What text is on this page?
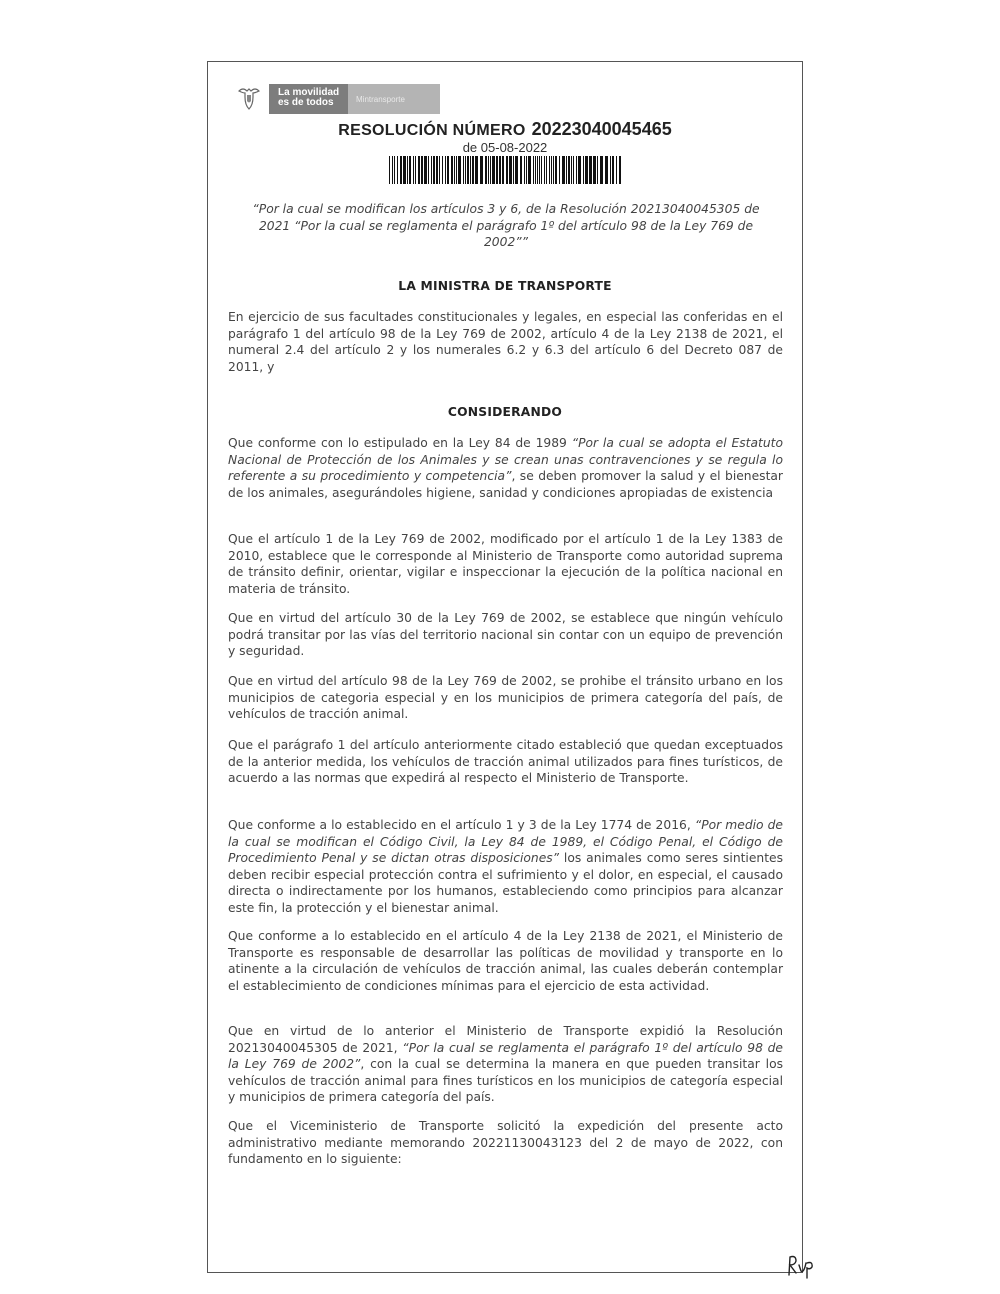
La movilidad
es de todos	Mintransporte
RESOLUCIÓN NÚMERO 20223040045465
de 05-08-2022
“Por la cual se modifican los artículos 3 y 6, de la Resolución 20213040045305 de 2021 “Por la cual se reglamenta el parágrafo 1º del artículo 98 de la Ley 769 de 2002””
LA MINISTRA DE TRANSPORTE

En ejercicio de sus facultades constitucionales y legales, en especial las conferidas en el parágrafo 1 del artículo 98 de la Ley 769 de 2002, artículo 4 de la Ley 2138 de 2021, el numeral 2.4 del artículo 2 y los numerales 6.2 y 6.3 del artículo 6 del Decreto 087 de 2011, y

CONSIDERANDO

Que conforme con lo estipulado en la Ley 84 de 1989 “Por la cual se adopta el Estatuto Nacional de Protección de los Animales y se crean unas contravenciones y se regula lo referente a su procedimiento y competencia”, se deben promover la salud y el bienestar de los animales, asegurándoles higiene, sanidad y condiciones apropiadas de existencia

Que el artículo 1 de la Ley 769 de 2002, modificado por el artículo 1 de la Ley 1383 de 2010, establece que le corresponde al Ministerio de Transporte como autoridad suprema de tránsito definir, orientar, vigilar e inspeccionar la ejecución de la política nacional en materia de tránsito.

Que en virtud del artículo 30 de la Ley 769 de 2002, se establece que ningún vehículo podrá transitar por las vías del territorio nacional sin contar con un equipo de prevención y seguridad.

Que en virtud del artículo 98 de la Ley 769 de 2002, se prohibe el tránsito urbano en los municipios de categoria especial y en los municipios de primera categoría del país, de vehículos de tracción animal.

Que el parágrafo 1 del artículo anteriormente citado estableció que quedan exceptuados de la anterior medida, los vehículos de tracción animal utilizados para fines turísticos, de acuerdo a las normas que expedirá al respecto el Ministerio de Transporte.

Que conforme a lo establecido en el artículo 1 y 3 de la Ley 1774 de 2016, “Por medio de la cual se modifican el Código Civil, la Ley 84 de 1989, el Código Penal, el Código de Procedimiento Penal y se dictan otras disposiciones” los animales como seres sintientes deben recibir especial protección contra el sufrimiento y el dolor, en especial, el causado directa o indirectamente por los humanos, estableciendo como principios para alcanzar este fin, la protección y el bienestar animal.

Que conforme a lo establecido en el artículo 4 de la Ley 2138 de 2021, el Ministerio de Transporte es responsable de desarrollar las políticas de movilidad y transporte en lo atinente a la circulación de vehículos de tracción animal, las cuales deberán contemplar el establecimiento de condiciones mínimas para el ejercicio de esta actividad.

Que en virtud de lo anterior el Ministerio de Transporte expidió la Resolución 20213040045305 de 2021, “Por la cual se reglamenta el parágrafo 1º del artículo 98 de la Ley 769 de 2002”, con la cual se determina la manera en que pueden transitar los vehículos de tracción animal para fines turísticos en los municipios de categoría especial y municipios de primera categoría del país.

Que el Viceministerio de Transporte solicitó la expedición del presente acto administrativo mediante memorando 20221130043123 del 2 de mayo de 2022, con fundamento en lo siguiente:
